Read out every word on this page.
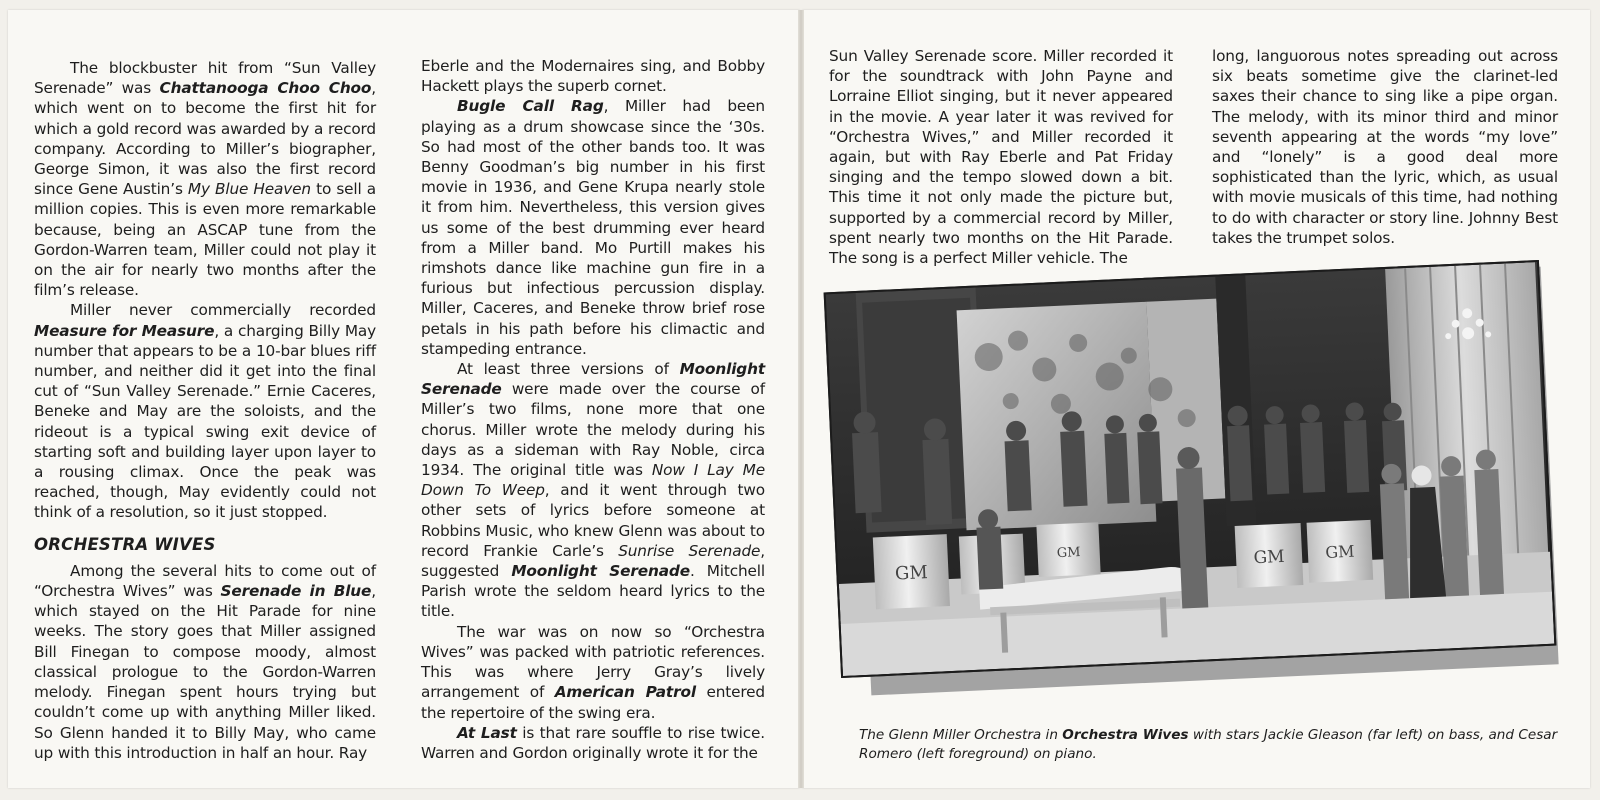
The blockbuster hit from “Sun Valley Serenade” was Chattanooga Choo Choo, which went on to become the first hit for which a gold record was awarded by a record company. According to Miller’s biographer, George Simon, it was also the first record since Gene Austin’s My Blue Heaven to sell a million copies. This is even more remarkable because, being an ASCAP tune from the Gordon-Warren team, Miller could not play it on the air for nearly two months after the film’s release.

Miller never commercially recorded Measure for Measure, a charging Billy May number that appears to be a 10-bar blues riff number, and neither did it get into the final cut of “Sun Valley Serenade.” Ernie Caceres, Beneke and May are the soloists, and the rideout is a typical swing exit device of starting soft and building layer upon layer to a rousing climax. Once the peak was reached, though, May evidently could not think of a resolution, so it just stopped.

ORCHESTRA WIVES

Among the several hits to come out of “Orchestra Wives” was Serenade in Blue, which stayed on the Hit Parade for nine weeks. The story goes that Miller assigned Bill Finegan to compose moody, almost classical prologue to the Gordon-Warren melody. Finegan spent hours trying but couldn’t come up with anything Miller liked. So Glenn handed it to Billy May, who came up with this introduction in half an hour. Ray

Eberle and the Modernaires sing, and Bobby Hackett plays the superb cornet.

Bugle Call Rag, Miller had been playing as a drum showcase since the ‘30s. So had most of the other bands too. It was Benny Goodman’s big number in his first movie in 1936, and Gene Krupa nearly stole it from him. Nevertheless, this version gives us some of the best drumming ever heard from a Miller band. Mo Purtill makes his rimshots dance like machine gun fire in a furious but infectious percussion display. Miller, Caceres, and Beneke throw brief rose petals in his path before his climactic and stampeding entrance.

At least three versions of Moonlight Serenade were made over the course of Miller’s two films, none more that one chorus. Miller wrote the melody during his days as a sideman with Ray Noble, circa 1934. The original title was Now I Lay Me Down To Weep, and it went through two other sets of lyrics before someone at Robbins Music, who knew Glenn was about to record Frankie Carle’s Sunrise Serenade, suggested Moonlight Serenade. Mitchell Parish wrote the seldom heard lyrics to the title.

The war was on now so “Orchestra Wives” was packed with patriotic references. This was where Jerry Gray’s lively arrangement of American Patrol entered the repertoire of the swing era.

At Last is that rare souffle to rise twice. Warren and Gordon originally wrote it for the

Sun Valley Serenade score. Miller recorded it for the soundtrack with John Payne and Lorraine Elliot singing, but it never appeared in the movie. A year later it was revived for “Orchestra Wives,” and Miller recorded it again, but with Ray Eberle and Pat Friday singing and the tempo slowed down a bit. This time it not only made the picture but, supported by a commercial record by Miller, spent nearly two months on the Hit Parade. The song is a perfect Miller vehicle. The

long, languorous notes spreading out across six beats sometime give the clarinet-led saxes their chance to sing like a pipe organ. The melody, with its minor third and minor seventh appearing at the words “my love” and “lonely” is a good deal more sophisticated than the lyric, which, as usual with movie musicals of this time, had nothing to do with character or story line. Johnny Best takes the trumpet solos.

GM
GM	GM GM
The Glenn Miller Orchestra in Orchestra Wives with stars Jackie Gleason (far left) on bass, and Cesar Romero (left foreground) on piano.
